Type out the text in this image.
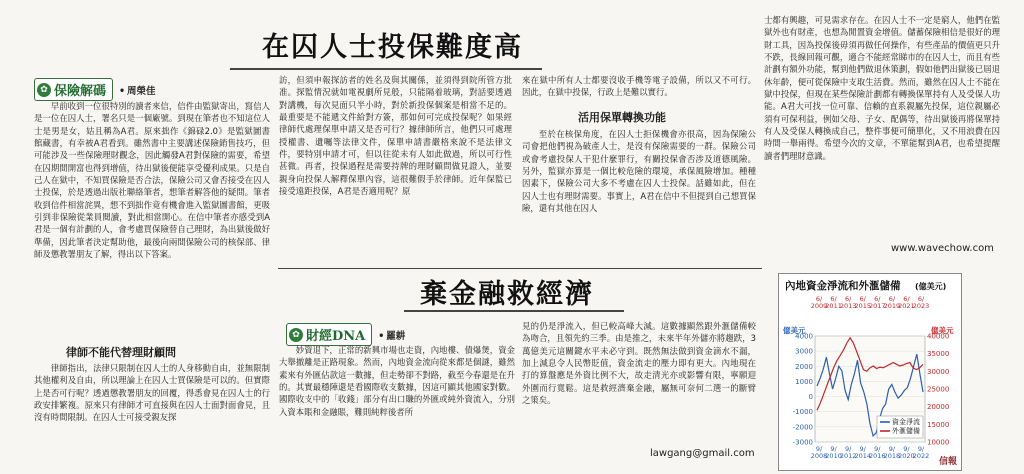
在囚人士投保難度高
✿ 保險解碼 • 周榮佳

早前收到一位很特別的讀者來信，信件由監獄寄出，寫信人是一位在囚人士，署名只是一個廠號。到現在筆者也不知這位人士是男是女，姑且稱為A君。原來拙作《錦碌2.0》是監獄圖書館藏書，有幸被A君看到。雖然書中主要講述保險銷售技巧，但可能涉及一些保險理財觀念，因此觸發A君對保險的需要，希望在囚期間開富也得到增值，待出獄後便能享受優利成果。只是自己人在獄中，不知買保險是否合法，保險公司又會否接受在囚人士投保，於是透過出版社聯絡筆者，想筆者解答他的疑問。筆者收到信件相當詫異，想不到拙作竟有機會進入監獄圖書館，更吸引到非保險從業員閱讀，對此相當開心。在信中筆者亦感受到A君是一個有計劃的人，會考慮買保險替自己理財，為出獄後做好準備，因此筆者決定幫助他，最後向兩間保險公司的核保部、律師及懲教署朋友了解，得出以下答案。

律師不能代替理財顧問

律師指出，法律只限制在囚人士的人身移動自由，並無限制其他權利及自由，所以理論上在囚人士買保險是可以的。但實際上是否可行呢？透過懲教署朋友的回覆，得悉會見在囚人士的行政安排繁複。原來只有律師才可直接與在囚人士面對面會見，且沒有時間限制。在囚人士可接受親友探

訪，但須申報探訪者的姓名及與其關係，並須得到院所管方批准。探監情況就如電視劇所見般，只能隔着玻璃，對話要透過對講機，每次見面只半小時，對於新投保個案是相當不足的。最重要是不能遞文件給對方簽，那如何可完成投保呢？如果經律師代處理保單申請又是否可行？據律師所言，他們只可處理授權書、遺囑等法律文件，保單申請書嚴格來說不是法律文件，要特別申請才可，但以往從未有人如此做過，所以可行性甚微。再者，投保過程是需要持牌的理財顧問做見證人，並要親身向投保人解釋保單內容，這很難假手於律師。近年保監已接受遠距投保，A君是否適用呢？原

來在獄中所有人士都要沒收手機等電子設備，所以又不可行。因此，在獄中投保，行政上是難以實行。

活用保單轉換功能

至於在核保角度，在囚人士拒保機會亦很高，因為保險公司會把他們視為破產人士，是沒有保險需要的一群。保險公司或會考慮投保人干犯什麼罪行，有關投保會否涉及道德風險。另外，監獄亦算是一個比較危險的環境，承保風險增加。種種因素下，保險公司大多不考慮在囚人士投保。話雖如此，但在囚人士也有理財需要。事實上，A君在信中不但提到自己想買保險，還有其他在囚人

士都有興趣，可見需求存在。在囚人士不一定是窮人，他們在監獄外也有財產，也想為閒置資金增值。儲蓄保險相信是很好的理財工具，因為投保後毋須再做任何操作，有些產品的價值更只升不跌，長線回報可觀，適合不能經常睇市的在囚人士，而且有些計劃有額外功能，幫到他們做退休策劃，假如他們出獄後已屆退休年齡，便可從保險中支取生活費。然而，雖然在囚人士不能在獄中投保，但現在某些保險計劃都有轉換保單持有人及受保人功能。A君大可找一位可靠、信賴的直系親屬先投保，這位親屬必須有可保利益，例如父母、子女、配偶等，待出獄後再將保單持有人及受保人轉換成自己，整件事便可簡單化，又不用浪費在囚時間一舉兩得。希望今次的文章，不單能幫到A君，也希望提醒讀者們理財意識。

www.wavechow.com
棄金融救經濟
✿ 財經DNA • 羅耕

妙資退下，正常的新興市場也走資，內地樓、債爆煲，資金大舉撤離是正路現象。然而，內地資金流向從來都是個謎，雖然素來有外匯佔款這一數據，但走勢卻不對路，截至今春還是在升的。其實最穩陣還是看國際收支數據，因這可顯其他國家對數。國際收支中的「收錢」部分有出口賺的外匯或純外資流入，分別入資本賬和金融賬，難則純粹後者所

見的仍是淨流入，但已較高峰大減。這數據顯然跟外滙儲備較為吻合，且領先約三季。由是推之，未來半年外儲亦將趨跌，3萬億美元這關鍵水平未必守到。既然無法做到資金滴水不漏，加上減息令人民幣貶值，資金流走的壓力即有更大。內地現在打的算盤應是外資比例不大，故走清光亦或影響有限，寧願迎外圍而行寬鬆。這是救經濟棄金融，屬無可奈何二選一的斷臂之策矣。

lawgang@gmail.com
內地資金淨流和外滙儲備 (億美元)
億美元	億美元
4000
3000
2000
1000
0
-1000
-2000
-3000
40000
35000
30000
25000
20000
15000
10000
6/ 2009
6/ 2011
6/ 2013
6/ 2015
6/ 2017
6/ 2019
6/ 2021
6/ 2023
9/ 2008
9/ 2010
9/ 2012
9/ 2014
9/ 2016
9/ 2018
9/ 2020
9/ 2022
資金淨流
外滙儲備
信報
